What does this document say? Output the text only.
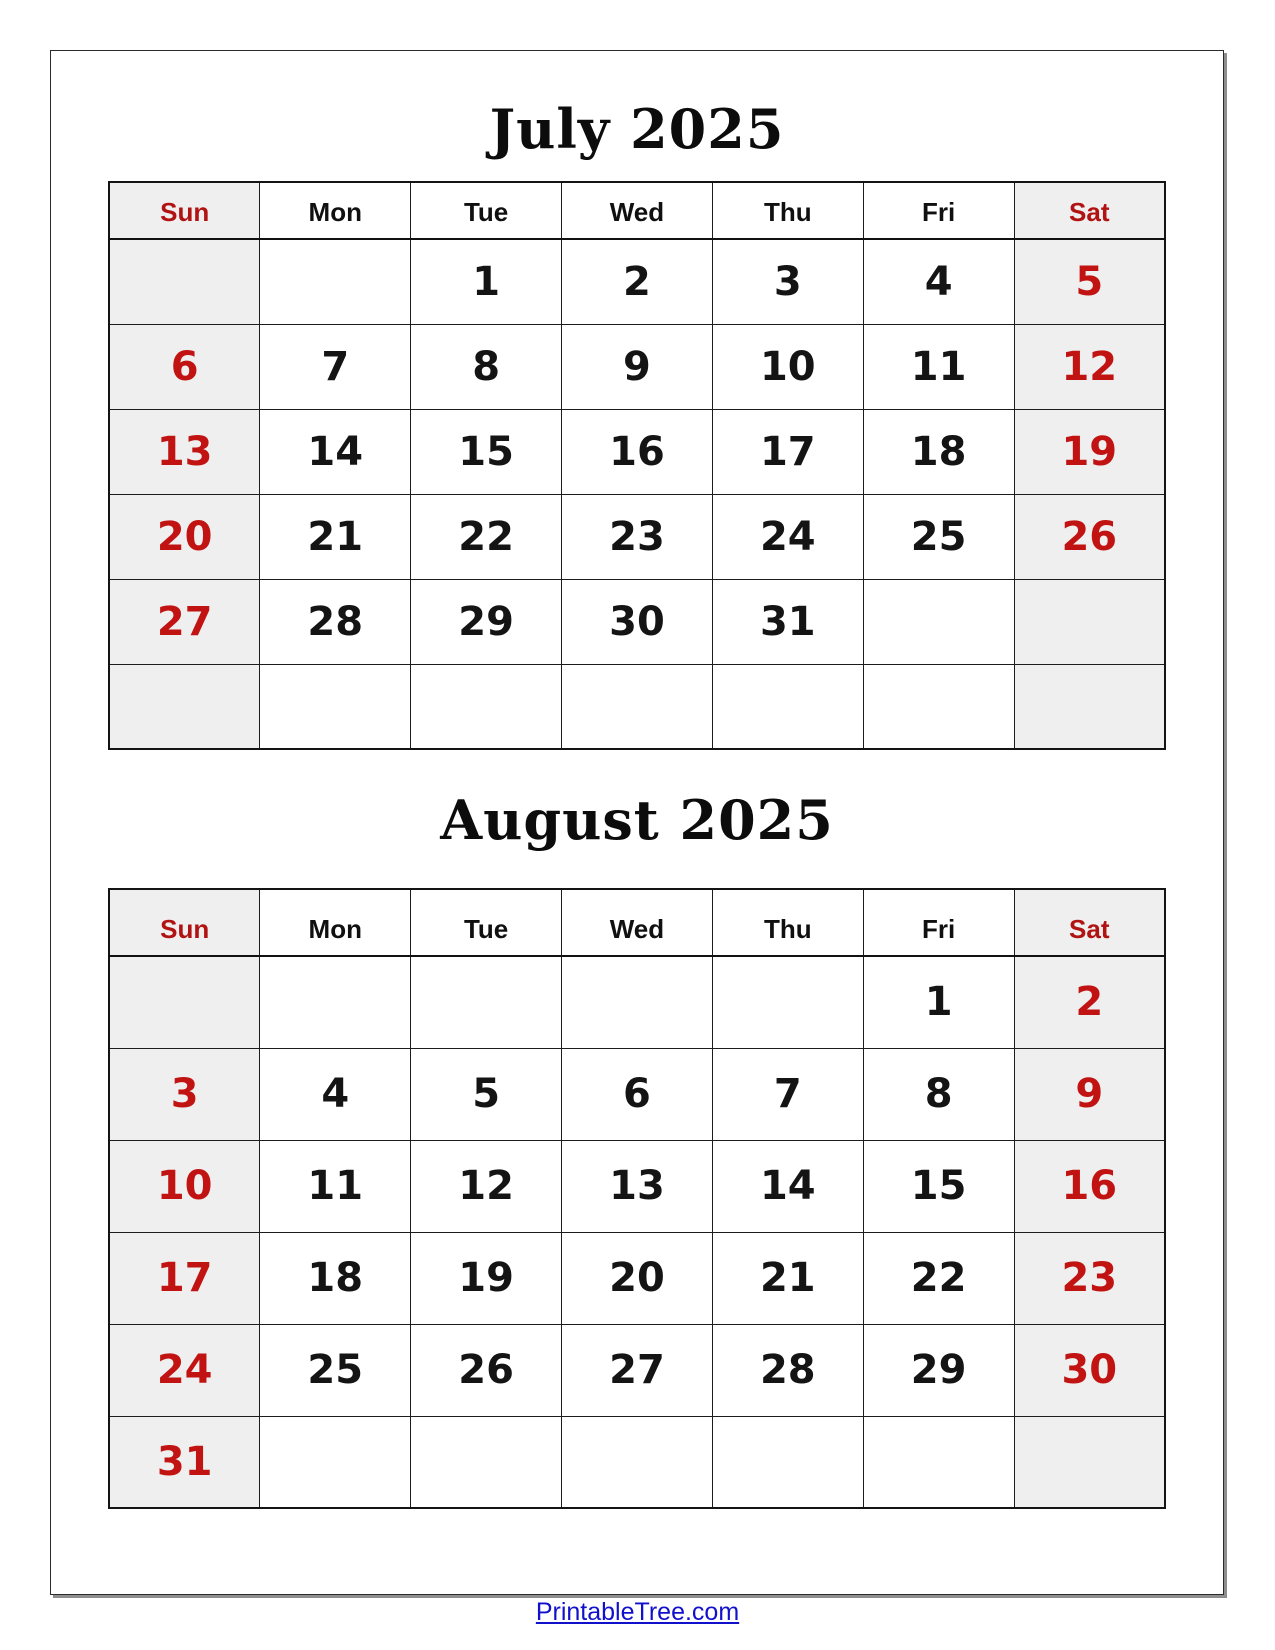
July 2025
Sun	Mon	Tue	Wed	Thu	Fri	Sat
		1	2	3	4	5
6	7	8	9	10	11	12
13	14	15	16	17	18	19
20	21	22	23	24	25	26
27	28	29	30	31		

August 2025
Sun	Mon	Tue	Wed	Thu	Fri	Sat
					1	2
3	4	5	6	7	8	9
10	11	12	13	14	15	16
17	18	19	20	21	22	23
24	25	26	27	28	29	30
31						
PrintableTree.com
